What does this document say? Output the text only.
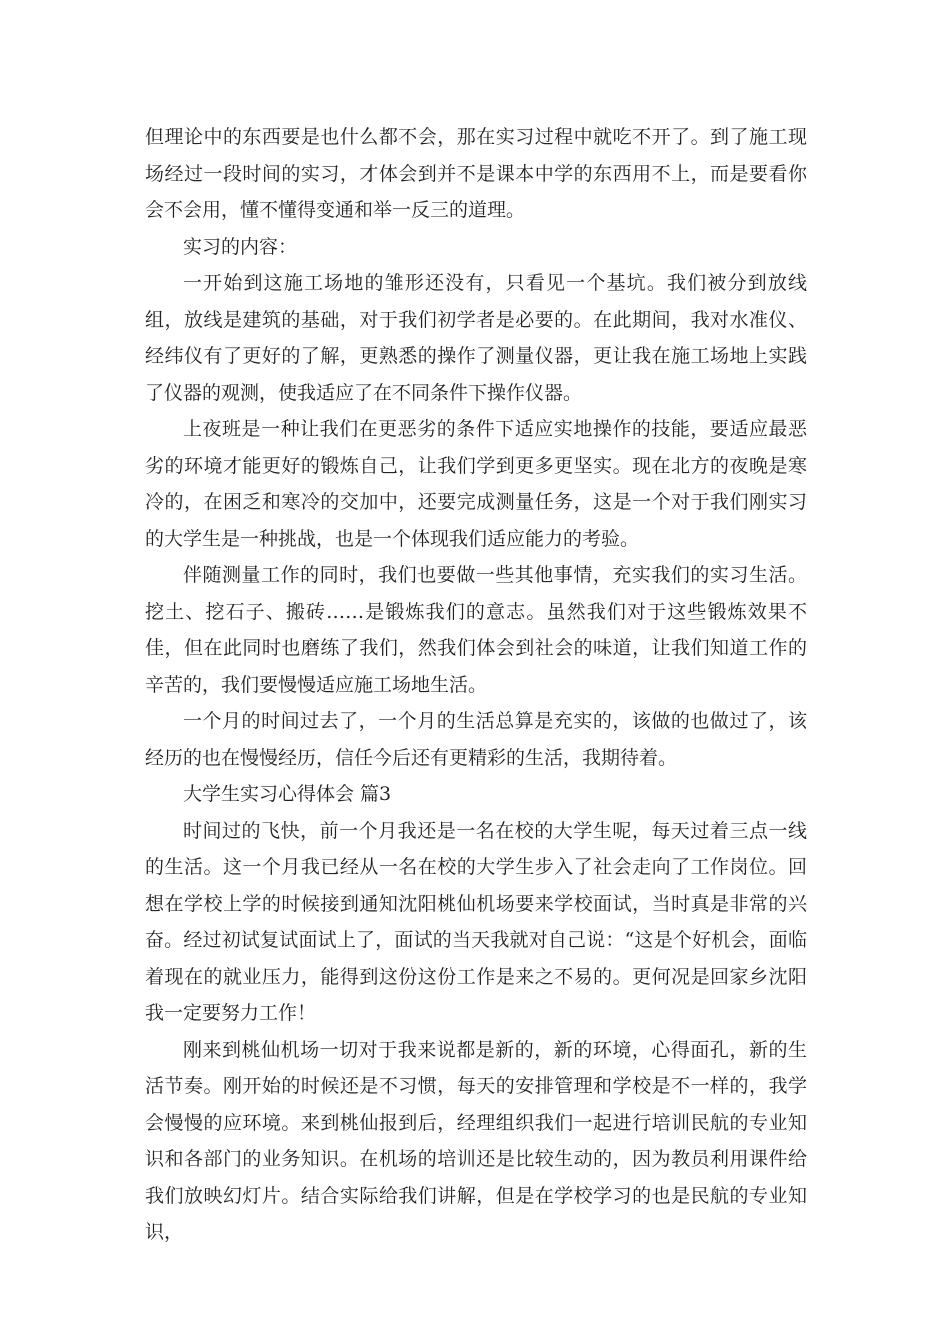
但理论中的东西要是也什么都不会，那在实习过程中就吃不开了。到了施工现场经过一段时间的实习，才体会到并不是课本中学的东西用不上，而是要看你会不会用，懂不懂得变通和举一反三的道理。

实习的内容：

一开始到这施工场地的雏形还没有，只看见一个基坑。我们被分到放线组，放线是建筑的基础，对于我们初学者是必要的。在此期间，我对水准仪、经纬仪有了更好的了解，更熟悉的操作了测量仪器，更让我在施工场地上实践了仪器的观测，使我适应了在不同条件下操作仪器。

上夜班是一种让我们在更恶劣的条件下适应实地操作的技能，要适应最恶劣的环境才能更好的锻炼自己，让我们学到更多更坚实。现在北方的夜晚是寒冷的，在困乏和寒冷的交加中，还要完成测量任务，这是一个对于我们刚实习的大学生是一种挑战，也是一个体现我们适应能力的考验。

伴随测量工作的同时，我们也要做一些其他事情，充实我们的实习生活。挖土、挖石子、搬砖……是锻炼我们的意志。虽然我们对于这些锻炼效果不佳，但在此同时也磨练了我们，然我们体会到社会的味道，让我们知道工作的辛苦的，我们要慢慢适应施工场地生活。

一个月的时间过去了，一个月的生活总算是充实的，该做的也做过了，该经历的也在慢慢经历，信任今后还有更精彩的生活，我期待着。

大学生实习心得体会 篇3

时间过的飞快，前一个月我还是一名在校的大学生呢，每天过着三点一线的生活。这一个月我已经从一名在校的大学生步入了社会走向了工作岗位。回想在学校上学的时候接到通知沈阳桃仙机场要来学校面试，当时真是非常的兴奋。经过初试复试面试上了，面试的当天我就对自己说：“这是个好机会，面临着现在的就业压力，能得到这份这份工作是来之不易的。更何况是回家乡沈阳我一定要努力工作！

刚来到桃仙机场一切对于我来说都是新的，新的环境，心得面孔，新的生活节奏。刚开始的时候还是不习惯，每天的安排管理和学校是不一样的，我学会慢慢的应环境。来到桃仙报到后，经理组织我们一起进行培训民航的专业知识和各部门的业务知识。在机场的培训还是比较生动的，因为教员利用课件给我们放映幻灯片。结合实际给我们讲解，但是在学校学习的也是民航的专业知识，
